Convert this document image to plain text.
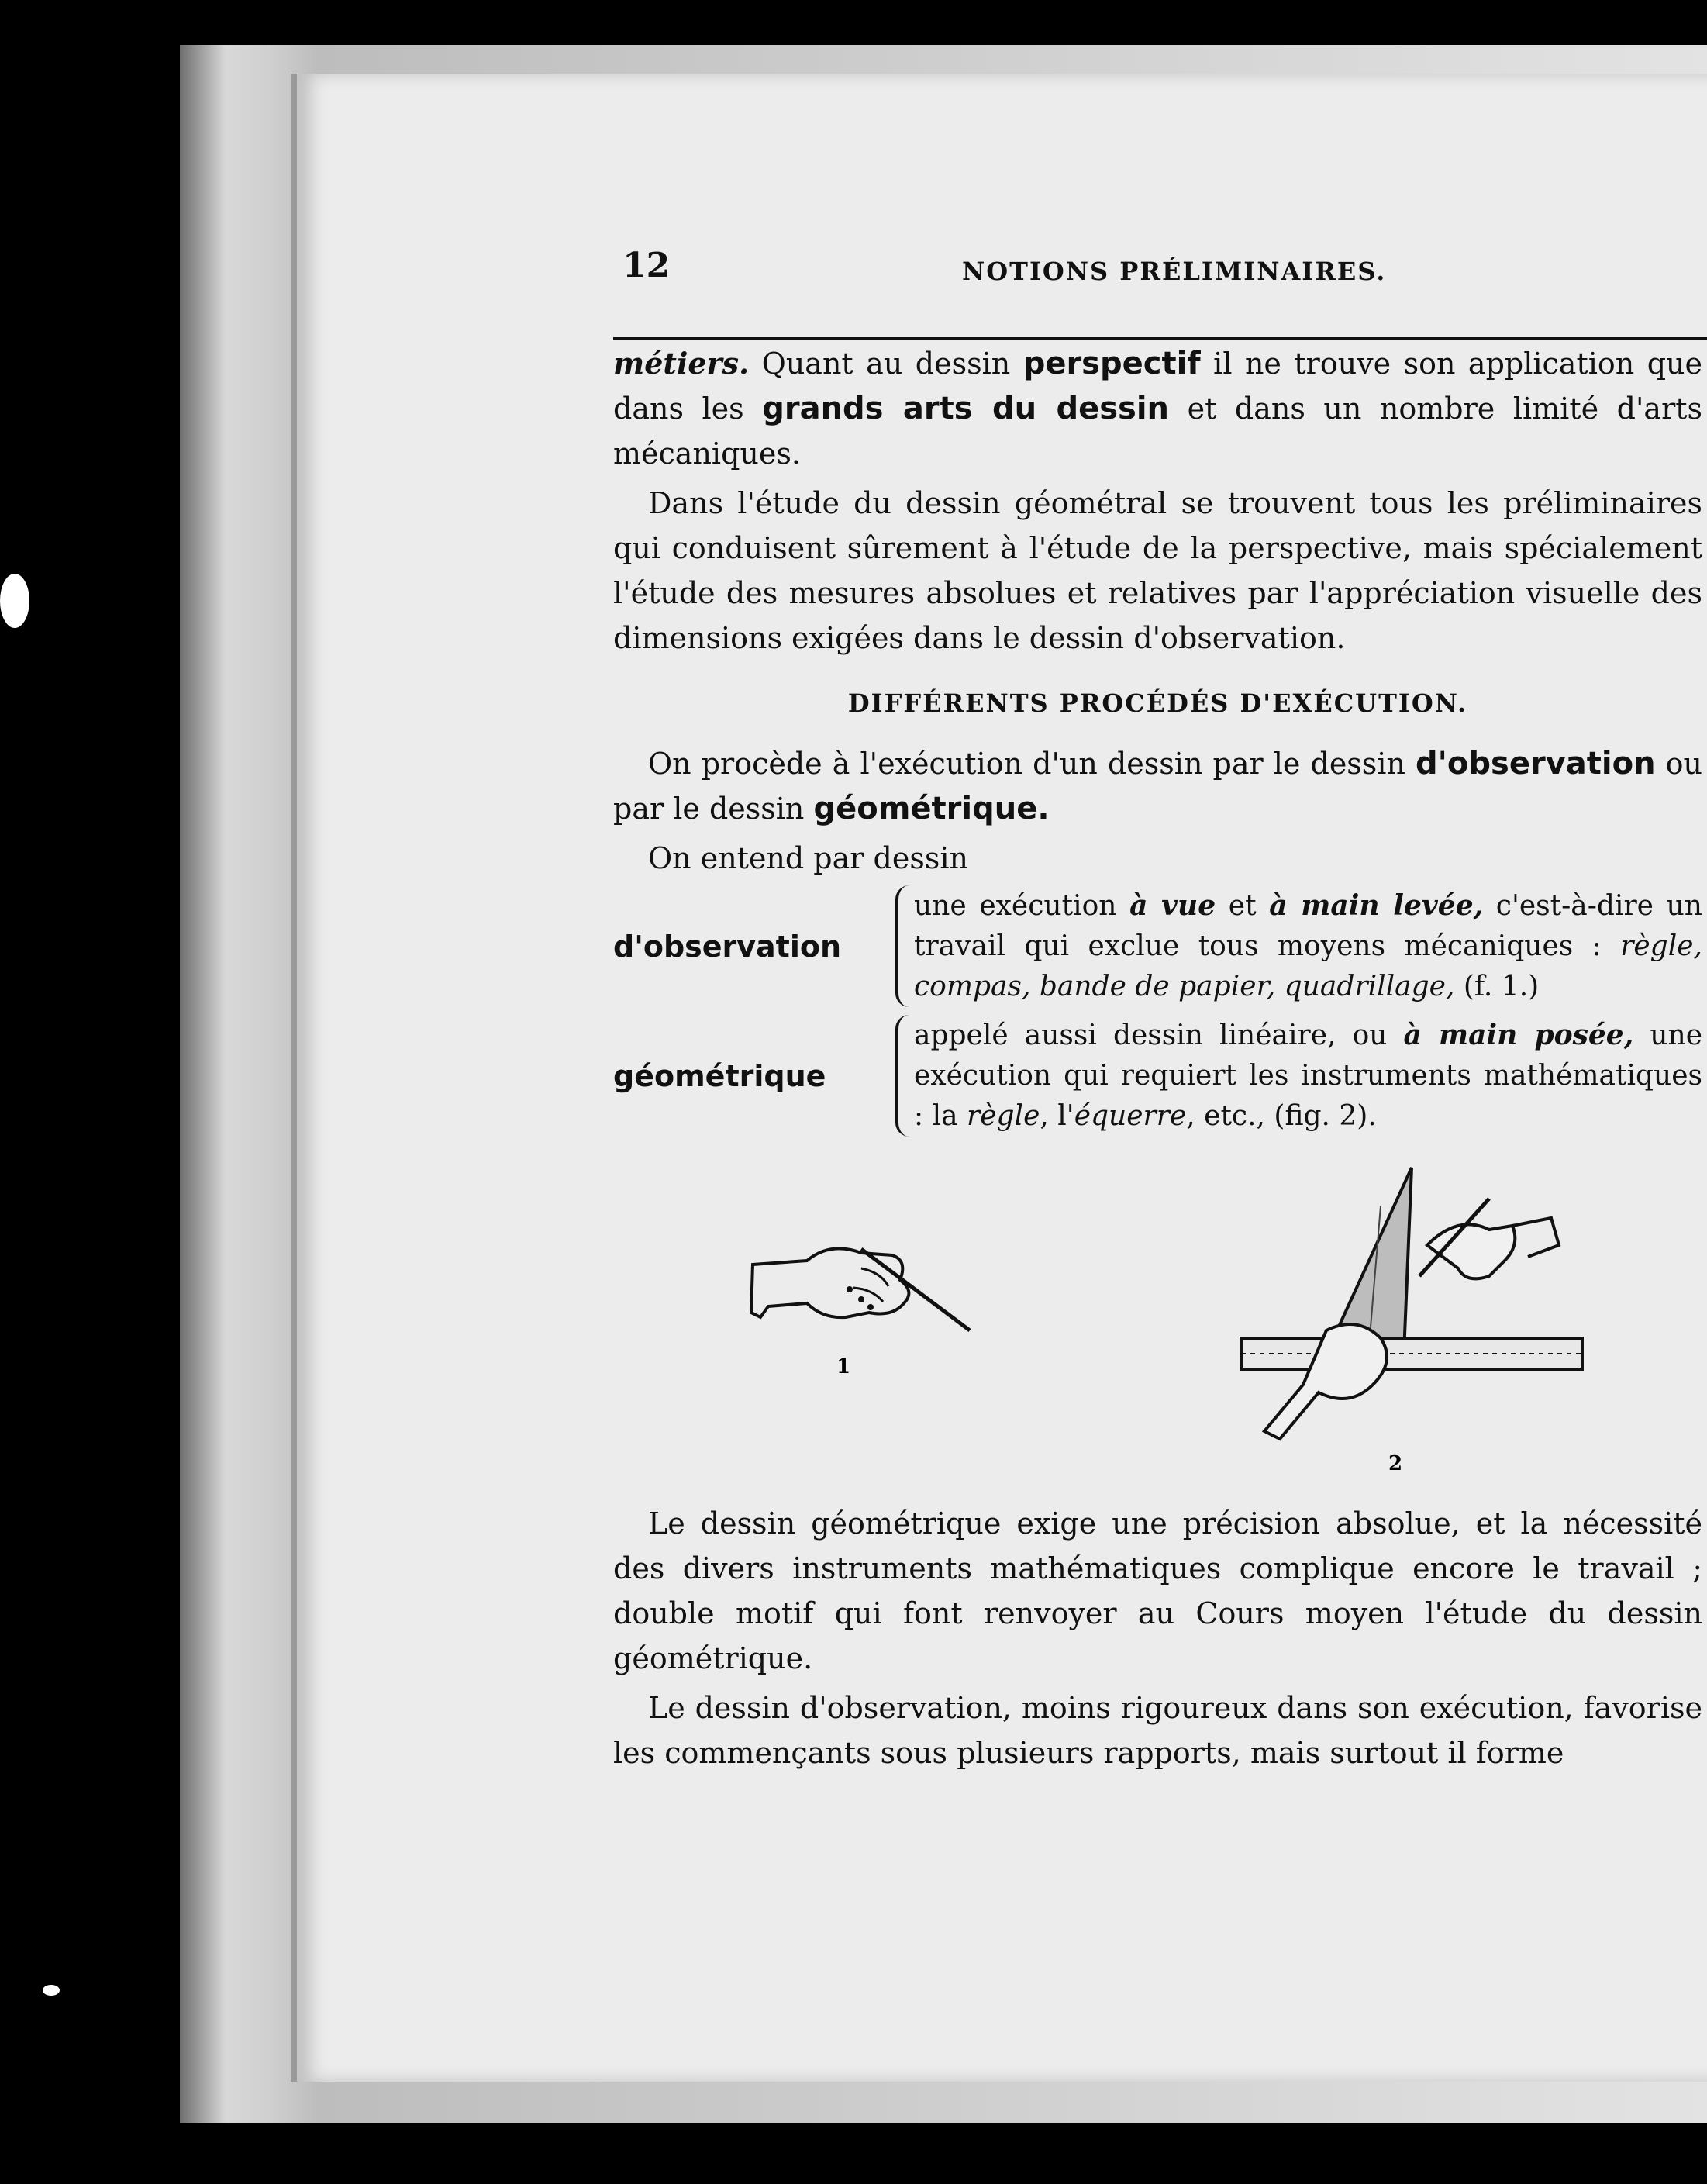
12	NOTIONS PRÉLIMINAIRES.

métiers. Quant au dessin perspectif il ne trouve son application que dans les grands arts du dessin et dans un nombre limité d'arts mécaniques.

Dans l'étude du dessin géométral se trouvent tous les préliminaires qui conduisent sûrement à l'étude de la perspective, mais spécialement l'étude des mesures absolues et relatives par l'appréciation visuelle des dimensions exigées dans le dessin d'observation.

DIFFÉRENTS PROCÉDÉS D'EXÉCUTION.

On procède à l'exécution d'un dessin par le dessin d'observation ou par le dessin géométrique.

On entend par dessin

d'observation
une exécution à vue et à main levée, c'est-à-dire un travail qui exclue tous moyens mécaniques : règle, compas, bande de papier, quadrillage, (f. 1.)
géométrique
appelé aussi dessin linéaire, ou à main posée, une exécution qui requiert les instruments mathématiques : la règle, l'équerre, etc., (fig. 2).
1
2

Le dessin géométrique exige une précision absolue, et la nécessité des divers instruments mathématiques complique encore le travail ; double motif qui font renvoyer au Cours moyen l'étude du dessin géométrique.

Le dessin d'observation, moins rigoureux dans son exécution, favorise les commençants sous plusieurs rapports, mais surtout il forme
